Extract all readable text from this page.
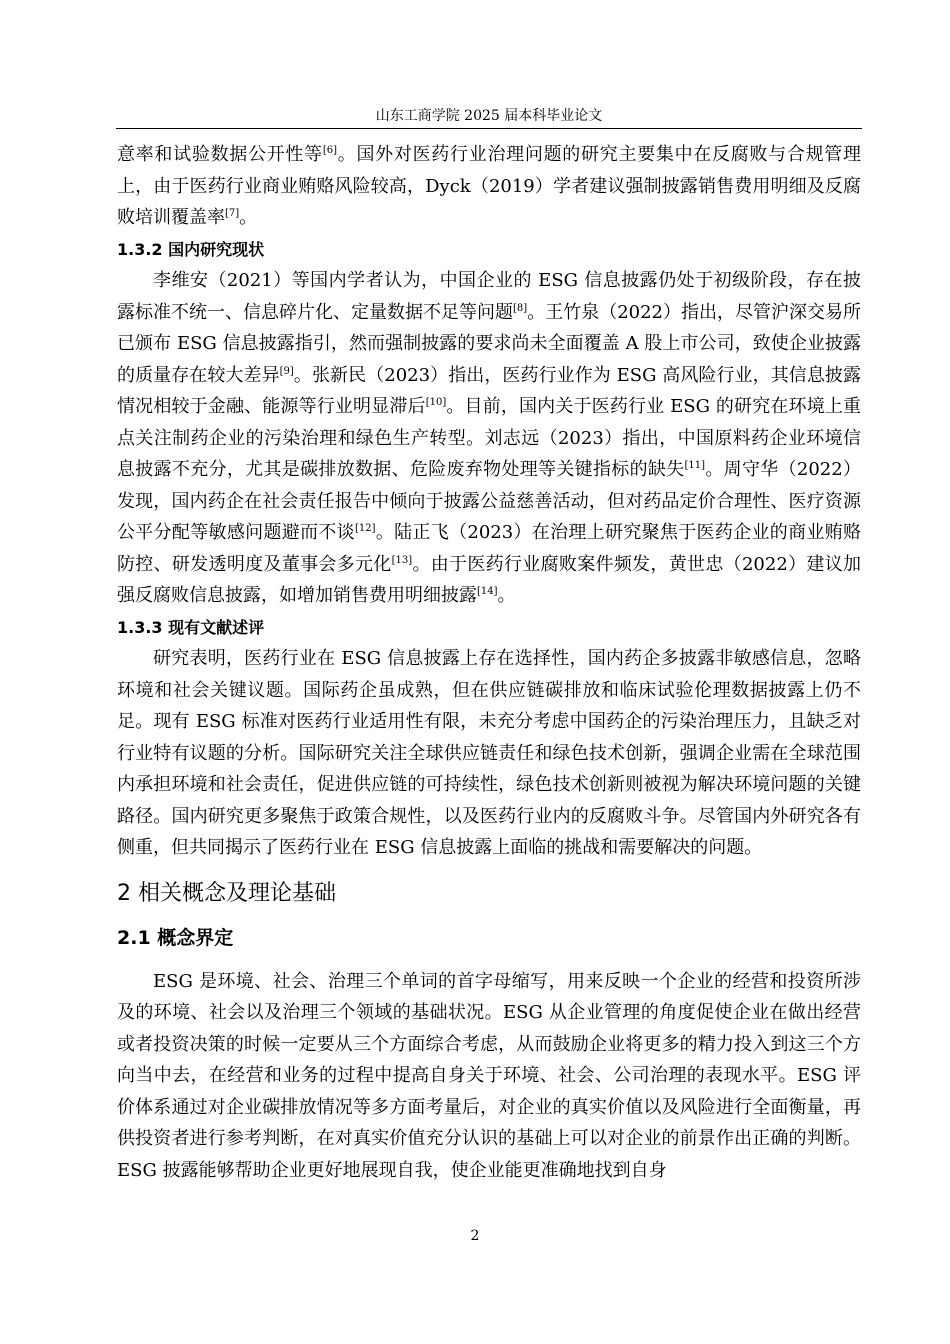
山东工商学院 2025 届本科毕业论文

意率和试验数据公开性等[6]。国外对医药行业治理问题的研究主要集中在反腐败与合规管理上，由于医药行业商业贿赂风险较高，Dyck（2019）学者建议强制披露销售费用明细及反腐败培训覆盖率[7]。

1.3.2 国内研究现状

李维安（2021）等国内学者认为，中国企业的 ESG 信息披露仍处于初级阶段，存在披露标准不统一、信息碎片化、定量数据不足等问题[8]。王竹泉（2022）指出，尽管沪深交易所已颁布 ESG 信息披露指引，然而强制披露的要求尚未全面覆盖 A 股上市公司，致使企业披露的质量存在较大差异[9]。张新民（2023）指出，医药行业作为 ESG 高风险行业，其信息披露情况相较于金融、能源等行业明显滞后[10]。目前，国内关于医药行业 ESG 的研究在环境上重点关注制药企业的污染治理和绿色生产转型。刘志远（2023）指出，中国原料药企业环境信息披露不充分，尤其是碳排放数据、危险废弃物处理等关键指标的缺失[11]。周守华（2022）发现，国内药企在社会责任报告中倾向于披露公益慈善活动，但对药品定价合理性、医疗资源公平分配等敏感问题避而不谈[12]。陆正飞（2023）在治理上研究聚焦于医药企业的商业贿赂防控、研发透明度及董事会多元化[13]。由于医药行业腐败案件频发，黄世忠（2022）建议加强反腐败信息披露，如增加销售费用明细披露[14]。

1.3.3 现有文献述评

研究表明，医药行业在 ESG 信息披露上存在选择性，国内药企多披露非敏感信息，忽略环境和社会关键议题。国际药企虽成熟，但在供应链碳排放和临床试验伦理数据披露上仍不足。现有 ESG 标准对医药行业适用性有限，未充分考虑中国药企的污染治理压力，且缺乏对行业特有议题的分析。国际研究关注全球供应链责任和绿色技术创新，强调企业需在全球范围内承担环境和社会责任，促进供应链的可持续性，绿色技术创新则被视为解决环境问题的关键路径。国内研究更多聚焦于政策合规性，以及医药行业内的反腐败斗争。尽管国内外研究各有侧重，但共同揭示了医药行业在 ESG 信息披露上面临的挑战和需要解决的问题。

2 相关概念及理论基础
2.1 概念界定

ESG 是环境、社会、治理三个单词的首字母缩写，用来反映一个企业的经营和投资所涉及的环境、社会以及治理三个领域的基础状况。ESG 从企业管理的角度促使企业在做出经营或者投资决策的时候一定要从三个方面综合考虑，从而鼓励企业将更多的精力投入到这三个方向当中去，在经营和业务的过程中提高自身关于环境、社会、公司治理的表现水平。ESG 评价体系通过对企业碳排放情况等多方面考量后，对企业的真实价值以及风险进行全面衡量，再供投资者进行参考判断，在对真实价值充分认识的基础上可以对企业的前景作出正确的判断。ESG 披露能够帮助企业更好地展现自我，使企业能更准确地找到自身

2
